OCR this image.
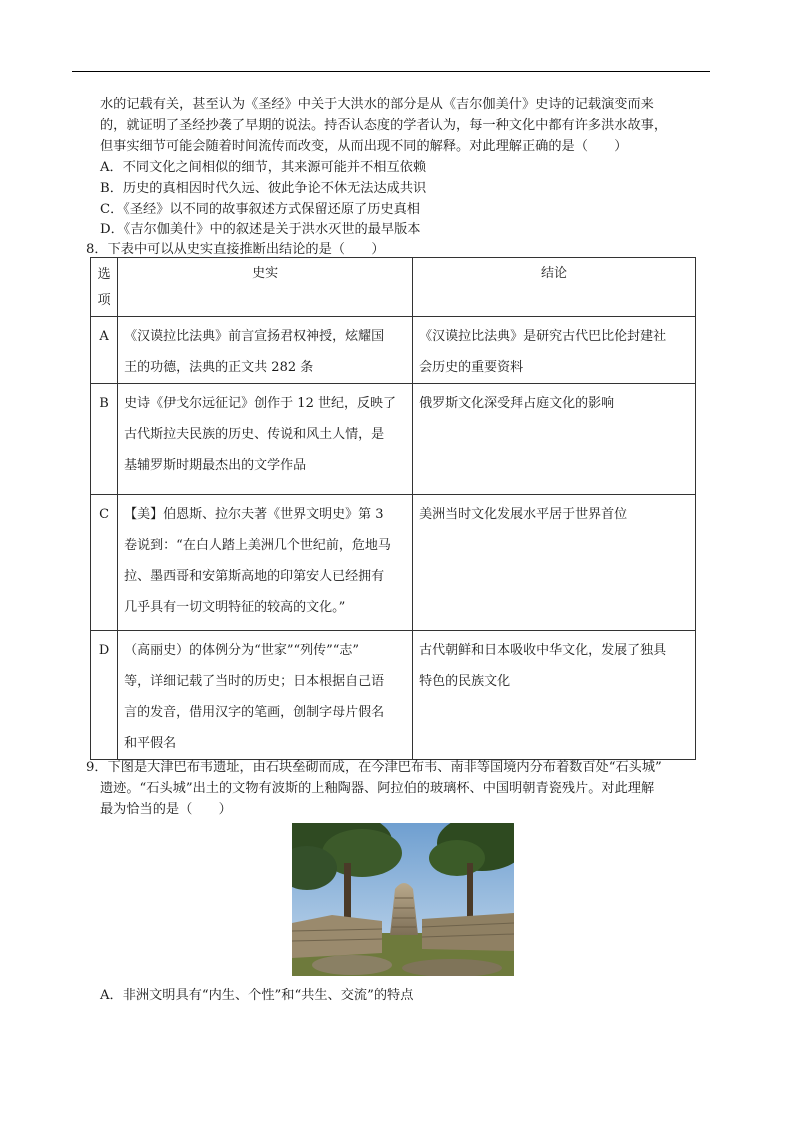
水的记载有关，甚至认为《圣经》中关于大洪水的部分是从《吉尔伽美什》史诗的记载演变而来
的，就证明了圣经抄袭了早期的说法。持否认态度的学者认为，每一种文化中都有许多洪水故事，
但事实细节可能会随着时间流传而改变，从而出现不同的解释。对此理解正确的是（　　）
A．不同文化之间相似的细节，其来源可能并不相互依赖
B．历史的真相因时代久远、彼此争论不休无法达成共识
C．《圣经》以不同的故事叙述方式保留还原了历史真相
D．《吉尔伽美什》中的叙述是关于洪水灭世的最早版本
8．下表中可以从史实直接推断出结论的是（　　）
选项	史实	结论

A	《汉谟拉比法典》前言宣扬君权神授，炫耀国
王的功德，法典的正文共 282 条	《汉谟拉比法典》是研究古代巴比伦封建社
会历史的重要资料

B	史诗《伊戈尔远征记》创作于 12 世纪，反映了
古代斯拉夫民族的历史、传说和风土人情，是
基辅罗斯时期最杰出的文学作品	俄罗斯文化深受拜占庭文化的影响

C	【美】伯恩斯、拉尔夫著《世界文明史》第 3
卷说到：“在白人踏上美洲几个世纪前，危地马
拉、墨西哥和安第斯高地的印第安人已经拥有
几乎具有一切文明特征的较高的文化。”	美洲当时文化发展水平居于世界首位

D	（高丽史）的体例分为“世家”“列传”“志”
等，详细记载了当时的历史；日本根据自己语
言的发音，借用汉字的笔画，创制字母片假名
和平假名	古代朝鲜和日本吸收中华文化，发展了独具
特色的民族文化
9．下图是大津巴布韦遗址，由石块垒砌而成，在今津巴布韦、南非等国境内分布着数百处“石头城”
遗迹。“石头城”出土的文物有波斯的上釉陶器、阿拉伯的玻璃杯、中国明朝青瓷残片。对此理解
最为恰当的是（　　）
A．非洲文明具有“内生、个性”和“共生、交流”的特点
